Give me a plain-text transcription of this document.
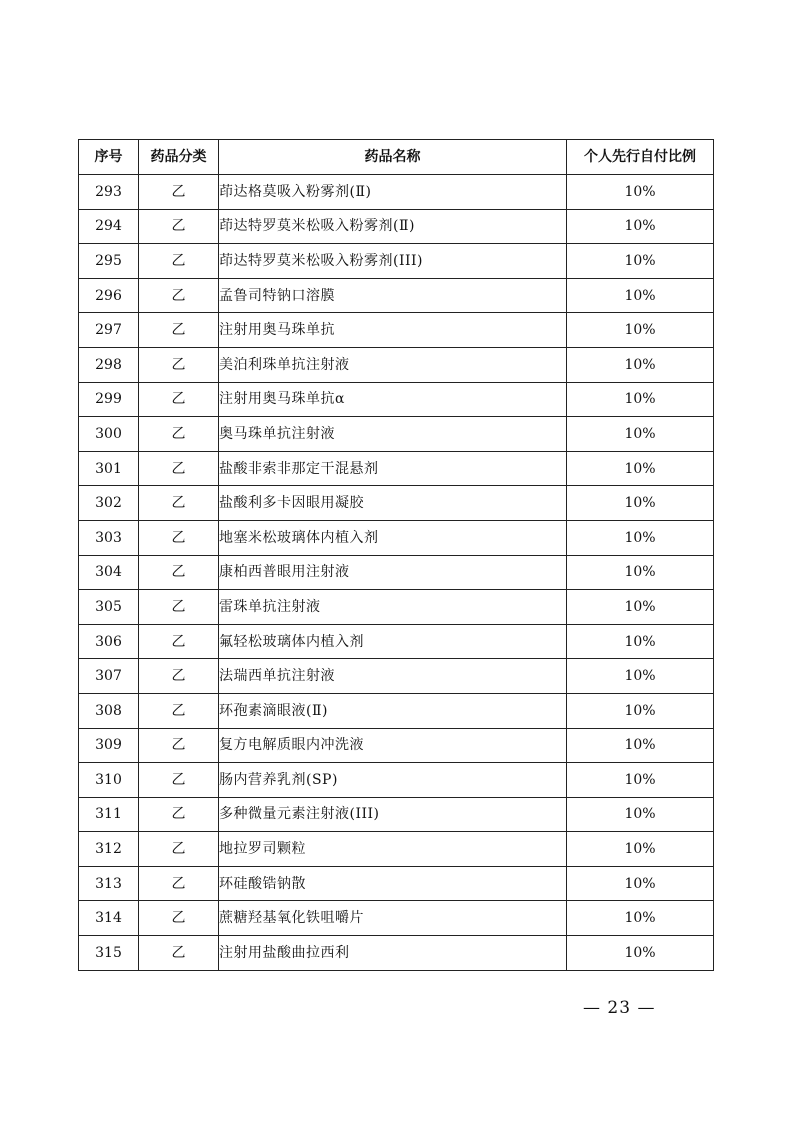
序号	药品分类	药品名称	个人先行自付比例
293	乙	茚达格莫吸入粉雾剂(Ⅱ)	10%
294	乙	茚达特罗莫米松吸入粉雾剂(Ⅱ)	10%
295	乙	茚达特罗莫米松吸入粉雾剂(III)	10%
296	乙	孟鲁司特钠口溶膜	10%
297	乙	注射用奥马珠单抗	10%
298	乙	美泊利珠单抗注射液	10%
299	乙	注射用奥马珠单抗α	10%
300	乙	奥马珠单抗注射液	10%
301	乙	盐酸非索非那定干混悬剂	10%
302	乙	盐酸利多卡因眼用凝胶	10%
303	乙	地塞米松玻璃体内植入剂	10%
304	乙	康柏西普眼用注射液	10%
305	乙	雷珠单抗注射液	10%
306	乙	氟轻松玻璃体内植入剂	10%
307	乙	法瑞西单抗注射液	10%
308	乙	环孢素滴眼液(Ⅱ)	10%
309	乙	复方电解质眼内冲洗液	10%
310	乙	肠内营养乳剂(SP)	10%
311	乙	多种微量元素注射液(III)	10%
312	乙	地拉罗司颗粒	10%
313	乙	环硅酸锆钠散	10%
314	乙	蔗糖羟基氧化铁咀嚼片	10%
315	乙	注射用盐酸曲拉西利	10%
— 23 —
